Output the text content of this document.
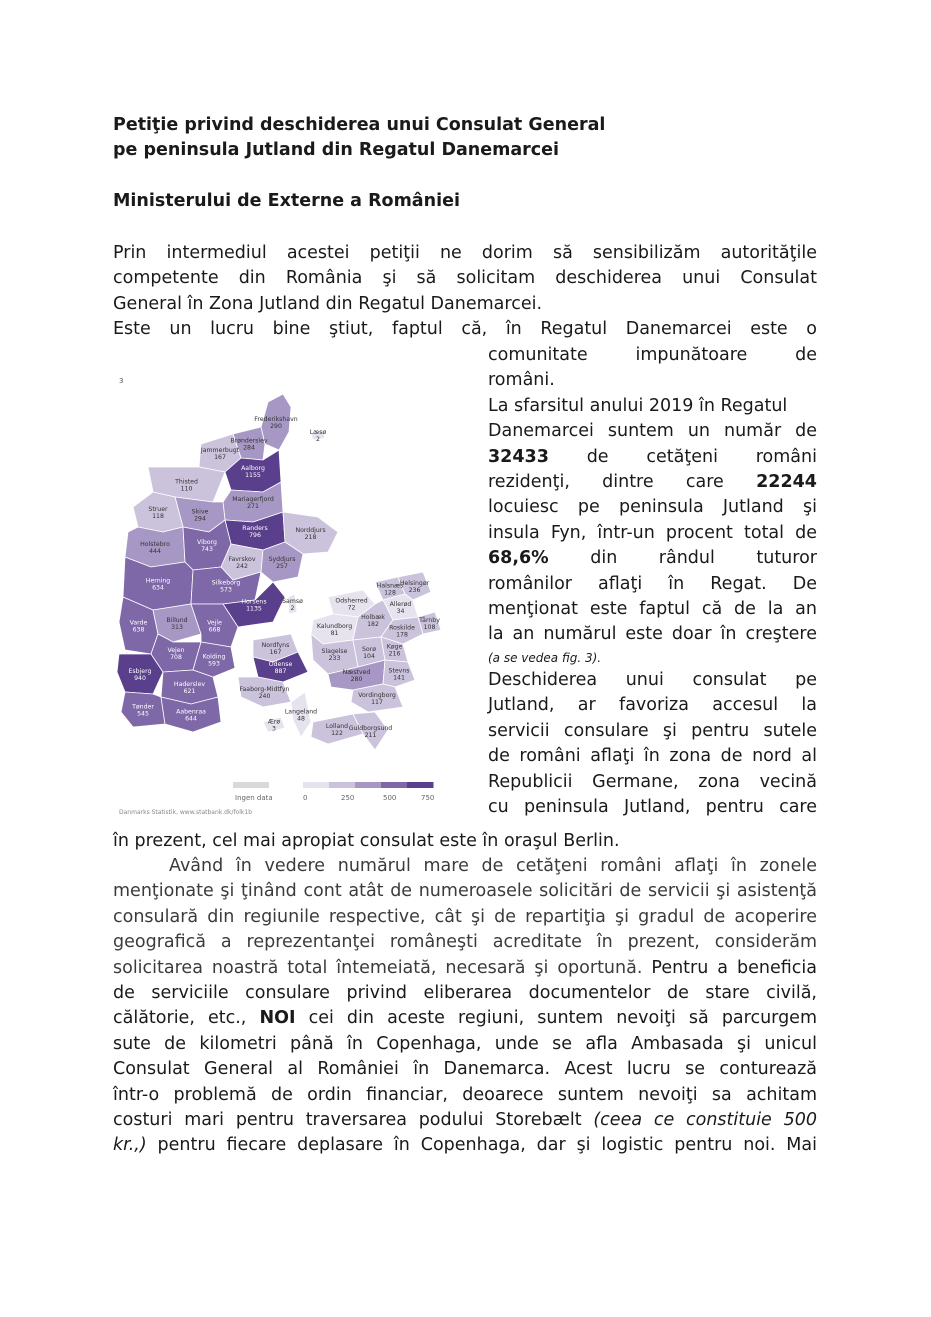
Petiţie privind deschiderea unui Consulat General
pe peninsula Jutland din Regatul Danemarcei
Ministerului de Externe a României
Prin intermediul acestei petiţii ne dorim să sensibilizăm autorităţile
competente din România şi să solicitam deschiderea unui Consulat
General în Zona Jutland din Regatul Danemarcei.
Este un lucru bine ştiut, faptul că, în Regatul Danemarcei este o
comunitate impunătoare de
români.
La sfarsitul anului 2019 în Regatul
Danemarcei suntem un număr de
32433 de cetăţeni români
rezidenţi, dintre care 22244
locuiesc pe peninsula Jutland şi
insula Fyn, într-un procent total de
68,6% din rândul tuturor
românilor aflaţi în Regat. De
menţionat este faptul că de la an
la an numărul este doar în creştere
(a se vedea fig. 3).
Deschiderea unui consulat pe
Jutland, ar favoriza accesul la
servicii consulare şi pentru sutele
de români aflaţi în zona de nord al
Republicii Germane, zona vecină
cu peninsula Jutland, pentru care
3
Frederikshavn
290
Læsø
2
Jammerbugt
167
Brønderslev
284
Aalborg
1155
Thisted
110
Mariagerfjord
271
Skive
294
Struer
118
Holstebro
444
Randers
796
Norddjurs
218
Viborg
743
Favrskov
242
Syddjurs
257
Herning
634
Silkeborg
573
Halsnæs
128
Helsingør
236
Horsens
1135
Odsherred
72	Allerød
34
Samsø
2
Billund
313
Vejle
668
Varde
638	Kalundborg
81
Holbæk
182 Roskilde
178
Tårnby
108
Nordfyns
167	Sorø
104
Køge
216
Vejen
708	Kolding
593
Esbjerg
940
Odense
887
Slagelse
233
Næstved
280
Stevns
141
Haderslev
621	Faaborg-Midtfyn
240	Vordingborg
117
Tønder
545	Aabenraa
644
Langeland
48
Ærø
3	Lolland
122
Guldborgsund
211
Ingen data	0	250	500	750
Danmarks Statistik, www.statbank.dk/folk1b
în prezent, cel mai apropiat consulat este în oraşul Berlin.
Având în vedere numărul mare de cetăţeni români aflaţi în zonele
menţionate şi ţinând cont atât de numeroasele solicitări de servicii şi asistenţă
consulară din regiunile respective, cât şi de repartiţia şi gradul de acoperire
geografică a reprezentanţei româneşti acreditate în prezent, considerăm
solicitarea noastră total întemeiată, necesară şi oportună. Pentru a beneficia
de serviciile consulare privind eliberarea documentelor de stare civilă,
călătorie, etc., NOI cei din aceste regiuni, suntem nevoiţi să parcurgem
sute de kilometri până în Copenhaga, unde se afla Ambasada şi unicul
Consulat General al României în Danemarca. Acest lucru se conturează
într-o problemă de ordin financiar, deoarece suntem nevoiţi sa achitam
costuri mari pentru traversarea podului Storebælt (ceea ce constituie 500
kr.,) pentru fiecare deplasare în Copenhaga, dar şi logistic pentru noi. Mai
